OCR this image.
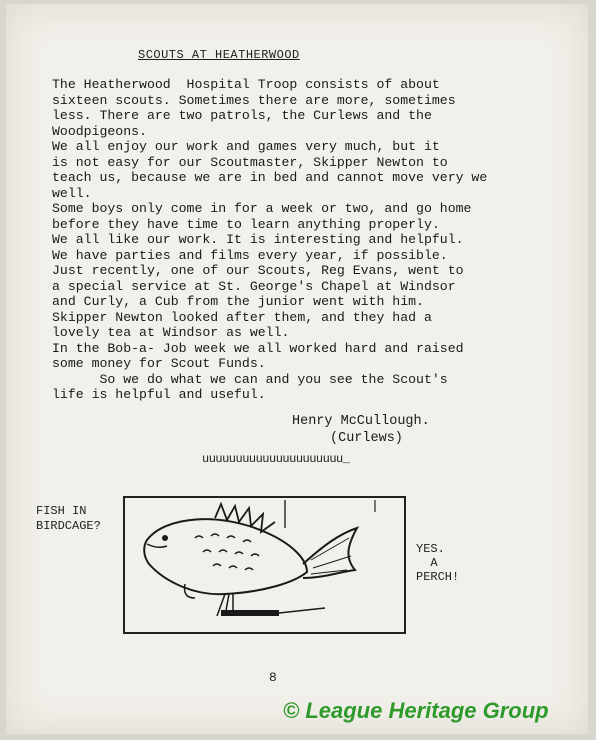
SCOUTS AT HEATHERWOOD
The Heatherwood  Hospital Troop consists of about
sixteen scouts. Sometimes there are more, sometimes
less. There are two patrols, the Curlews and the
Woodpigeons.
We all enjoy our work and games very much, but it
is not easy for our Scoutmaster, Skipper Newton to
teach us, because we are in bed and cannot move very we
well.
Some boys only come in for a week or two, and go home
before they have time to learn anything properly.
We all like our work. It is interesting and helpful.
We have parties and films every year, if possible.
Just recently, one of our Scouts, Reg Evans, went to
a special service at St. George's Chapel at Windsor
and Curly, a Cub from the junior went with him.
Skipper Newton looked after them, and they had a
lovely tea at Windsor as well.
In the Bob-a- Job week we all worked hard and raised
some money for Scout Funds.
So we do what we can and you see the Scout's
life is helpful and useful.
Henry McCullough.
(Curlews)
uuuuuuuuuuuuuuuuuuuuu_
FISH IN
BIRDCAGE?
YES.
A
PERCH!
8
© League Heritage Group
